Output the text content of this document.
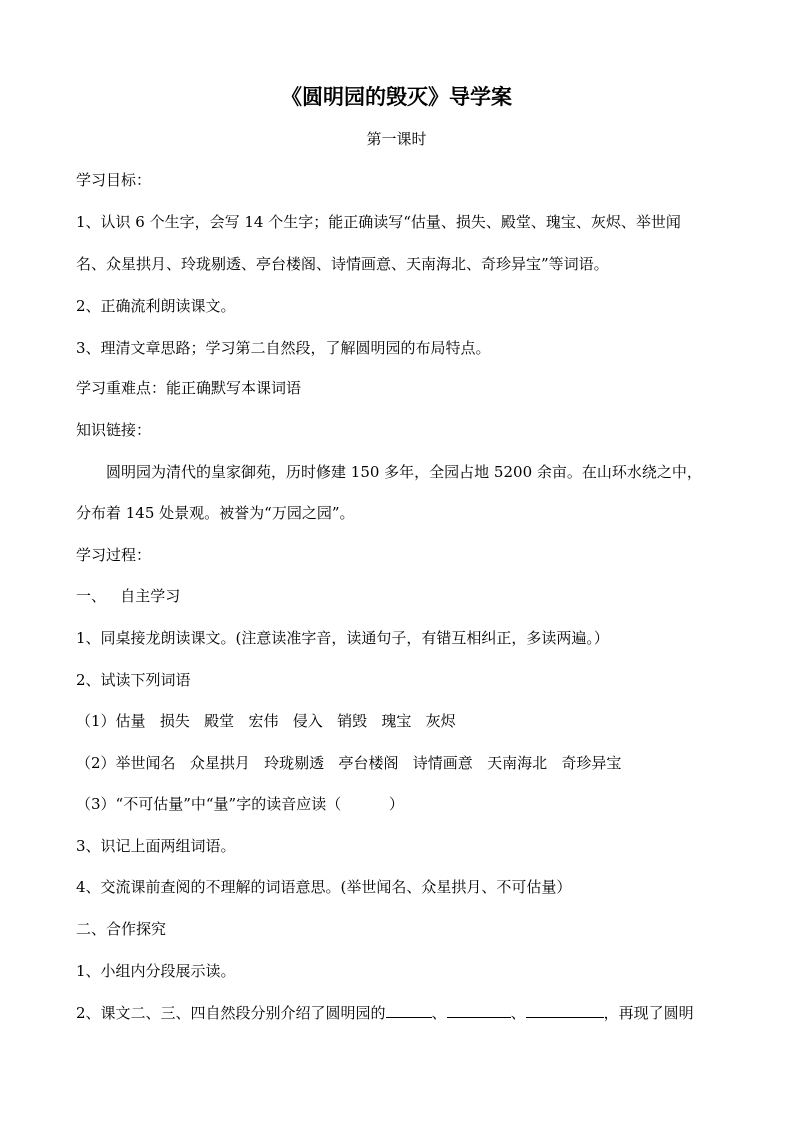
《圆明园的毁灭》导学案
第一课时
学习目标：
1、认识 6 个生字，会写 14 个生字；能正确读写“估量、损失、殿堂、瑰宝、灰烬、举世闻
名、众星拱月、玲珑剔透、亭台楼阁、诗情画意、天南海北、奇珍异宝”等词语。
2、正确流利朗读课文。
3、理清文章思路；学习第二自然段，了解圆明园的布局特点。
学习重难点：能正确默写本课词语
知识链接：
圆明园为清代的皇家御苑，历时修建 150 多年，全园占地 5200 余亩。在山环水绕之中，
分布着 145 处景观。被誉为“万园之园”。
学习过程：
一、   自主学习
1、同桌接龙朗读课文。(注意读准字音，读通句子，有错互相纠正，多读两遍。）
2、试读下列词语
（1）估量   损失   殿堂   宏伟   侵入   销毁   瑰宝   灰烬
（2）举世闻名   众星拱月   玲珑剔透   亭台楼阁   诗情画意   天南海北   奇珍异宝
（3）“不可估量”中“量”字的读音应读（          ）
3、识记上面两组词语。
4、交流课前查阅的不理解的词语意思。(举世闻名、众星拱月、不可估量）
二、合作探究
1、小组内分段展示读。
2、课文二、三、四自然段分别介绍了圆明园的	、	、	，再现了圆明
